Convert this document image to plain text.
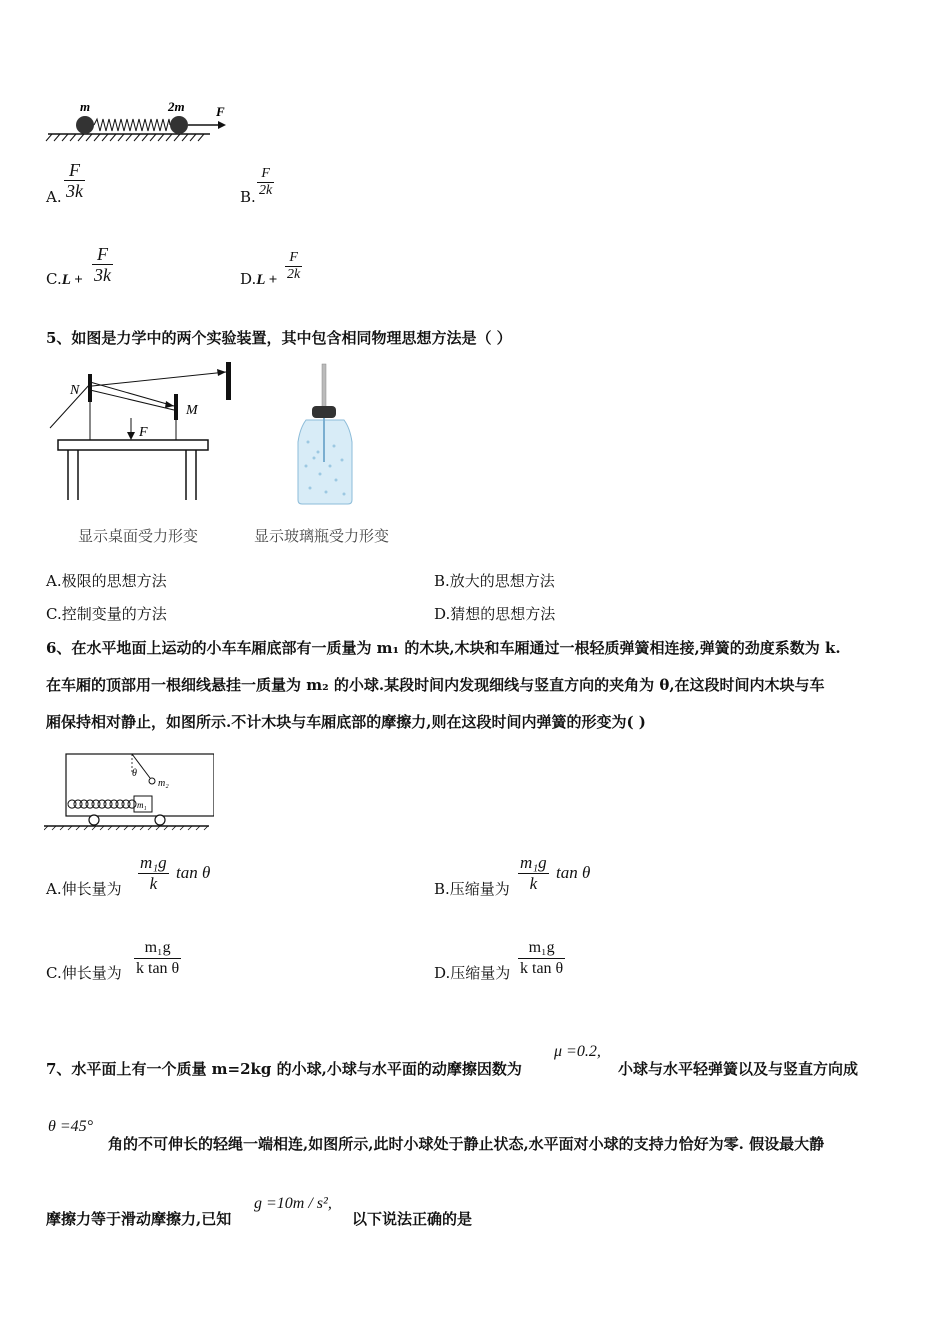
m	2m F
A. $\frac{F}{3k}$	B. $\frac{F}{2k}$
$C.L + \frac{F}{3k}$	$D.L + \frac{F}{2k}$
5、如图是力学中的两个实验装置，其中包含相同物理思想方法是（ ）
N
M
F
显示桌面受力形变	显示玻璃瓶受力形变
A.极限的思想方法	B.放大的思想方法
C.控制变量的方法	D.猜想的思想方法
6、在水平地面上运动的小车车厢底部有一质量为 m₁ 的木块,木块和车厢通过一根轻质弹簧相连接,弹簧的劲度系数为 k.
在车厢的顶部用一根细线悬挂一质量为 m₂ 的小球.某段时间内发现细线与竖直方向的夹角为 θ,在这段时间内木块与车
厢保持相对静止，如图所示.不计木块与车厢底部的摩擦力,则在这段时间内弹簧的形变为( )
θ
m₂
m₁
A.伸长量为 $\frac{\text{m₁g}}{k}$ tan θ
B.压缩量为 $\frac{\text{m₁g}}{k}$ tan θ
C.伸长量为 $\frac{\text{m₁g}}{\text{k tan θ}}$	D.压缩量为 $\frac{\text{m₁g}}{\text{k tan θ}}$
7、水平面上有一个质量 m=2kg 的小球,小球与水平面的动摩擦因数为
μ =0.2,
小球与水平轻弹簧以及与竖直方向成
θ =45°
角的不可伸长的轻绳一端相连,如图所示,此时小球处于静止状态,水平面对小球的支持力恰好为零. 假设最大静
摩擦力等于滑动摩擦力,已知
g =10m / s²,
以下说法正确的是
